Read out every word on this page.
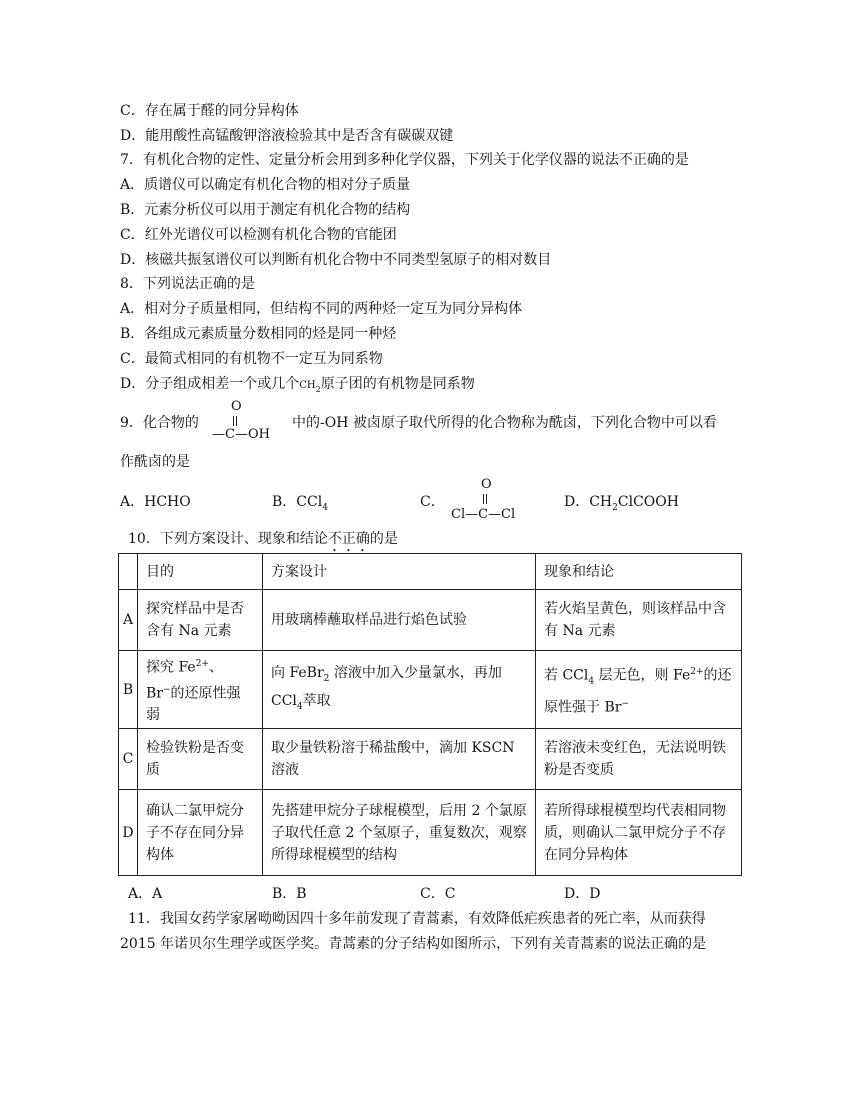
C．存在属于醛的同分异构体
D．能用酸性高锰酸钾溶液检验其中是否含有碳碳双键
7．有机化合物的定性、定量分析会用到多种化学仪器，下列关于化学仪器的说法不正确的是
A．质谱仪可以确定有机化合物的相对分子质量
B．元素分析仪可以用于测定有机化合物的结构
C．红外光谱仪可以检测有机化合物的官能团
D．核磁共振氢谱仪可以判断有机化合物中不同类型氢原子的相对数目
8．下列说法正确的是
A．相对分子质量相同，但结构不同的两种烃一定互为同分异构体
B．各组成元素质量分数相同的烃是同一种烃
C．最简式相同的有机物不一定互为同系物
D．分子组成相差一个或几个$CH_2$原子团的有机物是同系物
9．化合物的
O
—C—OH
中的-OH 被卤原子取代所得的化合物称为酰卤，下列化合物中可以看
作酰卤的是
A．HCHO	B．CCl$_4$	C．
O
Cl—C—Cl
D．$CH_2ClCOOH$
10．下列方案设计、现象和结论不正确的是
	目的	方案设计	现象和结论
A	探究样品中是否含有 Na 元素	用玻璃棒蘸取样品进行焰色试验	若火焰呈黄色，则该样品中含有 Na 元素
B	探究 $Fe^{2+}$、Br−的还原性强弱	向 FeBr$_2$ 溶液中加入少量氯水，再加 CCl$_4$萃取	若 CCl$_4$ 层无色，则 $Fe^{2+}$的还原性强于 Br−
C	检验铁粉是否变质	取少量铁粉溶于稀盐酸中，滴加 KSCN 溶液	若溶液未变红色，无法说明铁粉是否变质
D	确认二氯甲烷分子不存在同分异构体	先搭建甲烷分子球棍模型，后用 2 个氯原子取代任意 2 个氢原子，重复数次，观察所得球棍模型的结构	若所得球棍模型均代表相同物质，则确认二氯甲烷分子不存在同分异构体
A．A	B．B	C．C	D．D
11．我国女药学家屠呦呦因四十多年前发现了青蒿素，有效降低疟疾患者的死亡率，从而获得
2015 年诺贝尔生理学或医学奖。青蒿素的分子结构如图所示，下列有关青蒿素的说法正确的是
